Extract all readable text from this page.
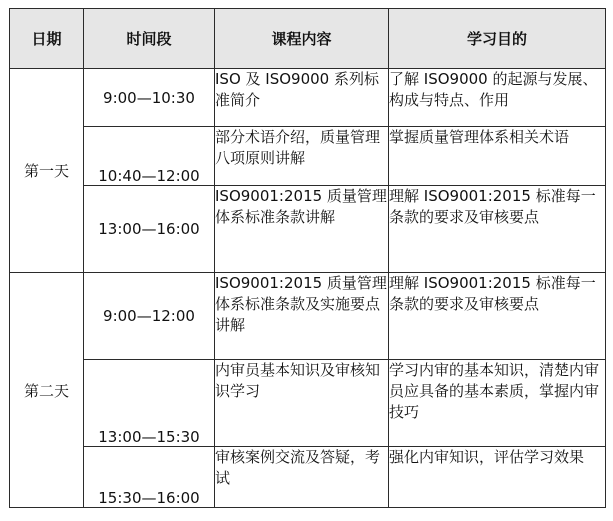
日期	时间段	课程内容	学习目的
第一天	9:00—10:30	ISO 及 ISO9000 系列标准简介	了解 ISO9000 的起源与发展、构成与特点、作用

	10:40—12:00	部分术语介绍，质量管理八项原则讲解	掌握质量管理体系相关术语

	13:00—16:00	ISO9001:2015 质量管理体系标准条款讲解	理解 ISO9001:2015 标准每一条款的要求及审核要点

第二天	9:00—12:00	ISO9001:2015 质量管理体系标准条款及实施要点讲解	理解 ISO9001:2015 标准每一条款的要求及审核要点

	13:00—15:30	内审员基本知识及审核知识学习	学习内审的基本知识，清楚内审员应具备的基本素质，掌握内审技巧

	15:30—16:00	审核案例交流及答疑，考试	强化内审知识，评估学习效果
